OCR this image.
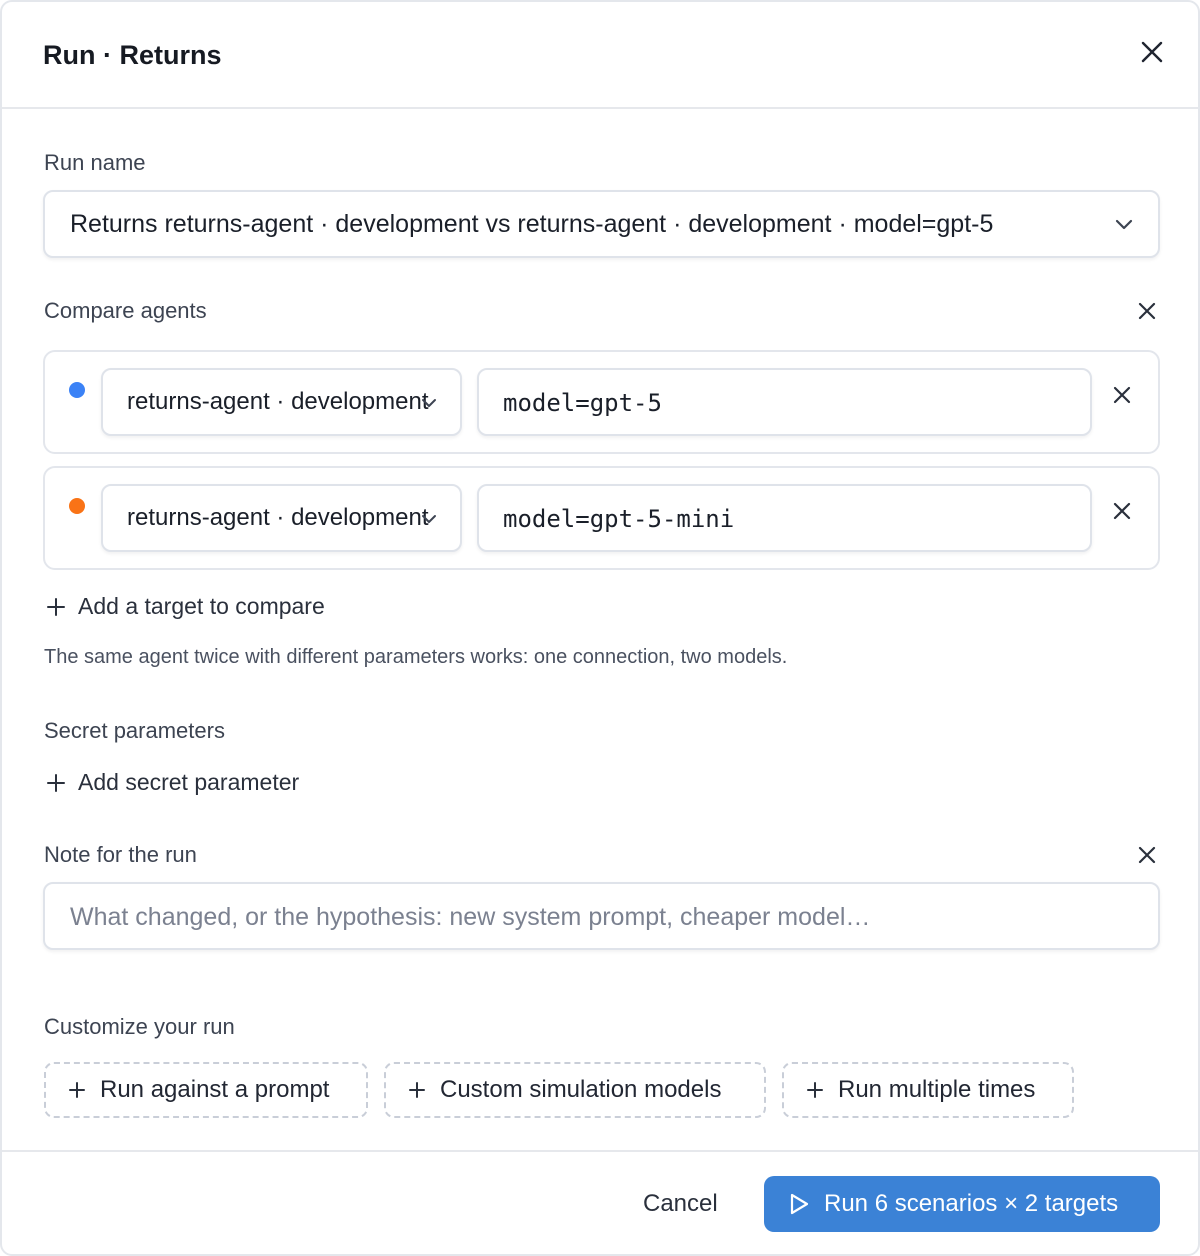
Run · Returns
Run name
Returns returns-agent · development vs returns-agent · development · model=gpt-5
Compare agents
returns-agent · development	model=gpt-5
returns-agent · development	model=gpt-5-mini
Add a target to compare
The same agent twice with different parameters works: one connection, two models.
Secret parameters
Add secret parameter
Note for the run
What changed, or the hypothesis: new system prompt, cheaper model…
Customize your run
Run against a prompt	Custom simulation models	Run multiple times
Cancel	Run 6 scenarios × 2 targets
